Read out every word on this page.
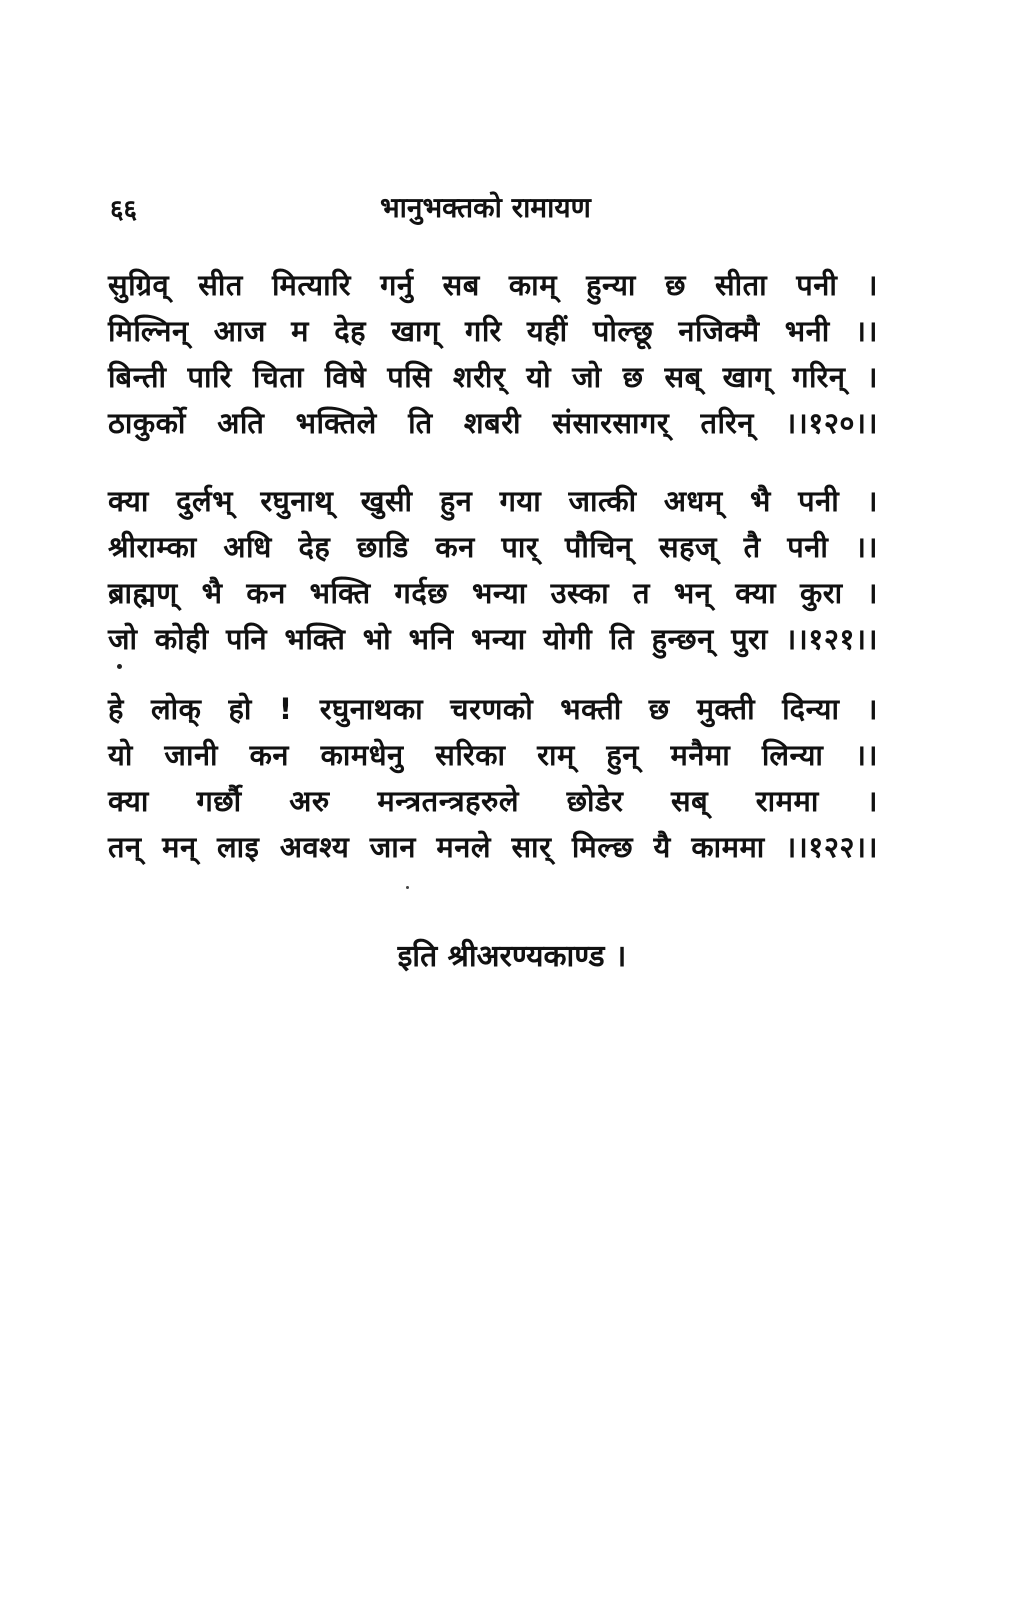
६६	भानुभक्तको रामायण
सुग्रिव् सीत मित्यारि गर्नु सब काम् हुन्या छ सीता पनी ।
मिल्निन् आज म देह खाग् गरि यहीं पोल्छू नजिक्मै भनी ।।
बिन्ती पारि चिता विषे पसि शरीर् यो जो छ सब् खाग् गरिन् ।
ठाकुर्को अति भक्तिले ति शबरी संसारसागर् तरिन् ।।१२०।।
क्या दुर्लभ् रघुनाथ् खुसी हुन गया जात्की अधम् भै पनी ।
श्रीराम्का अधि देह छाडि कन पार् पौचिन् सहज् तै पनी ।।
ब्राह्मण् भै कन भक्ति गर्दछ भन्या उस्का त भन् क्या कुरा ।
जो कोही पनि भक्ति भो भनि भन्या योगी ति हुन्छन् पुरा ।।१२१।।
हे लोक् हो ! रघुनाथका चरणको भक्ती छ मुक्ती दिन्या ।
यो जानी कन कामधेनु सरिका राम् हुन् मनैमा लिन्या ।।
क्या गर्छौ अरु मन्त्रतन्त्रहरुले छोडेर सब् राममा ।
तन् मन् लाइ अवश्य जान मनले सार् मिल्छ यै काममा ।।१२२।।
इति श्रीअरण्यकाण्ड ।
